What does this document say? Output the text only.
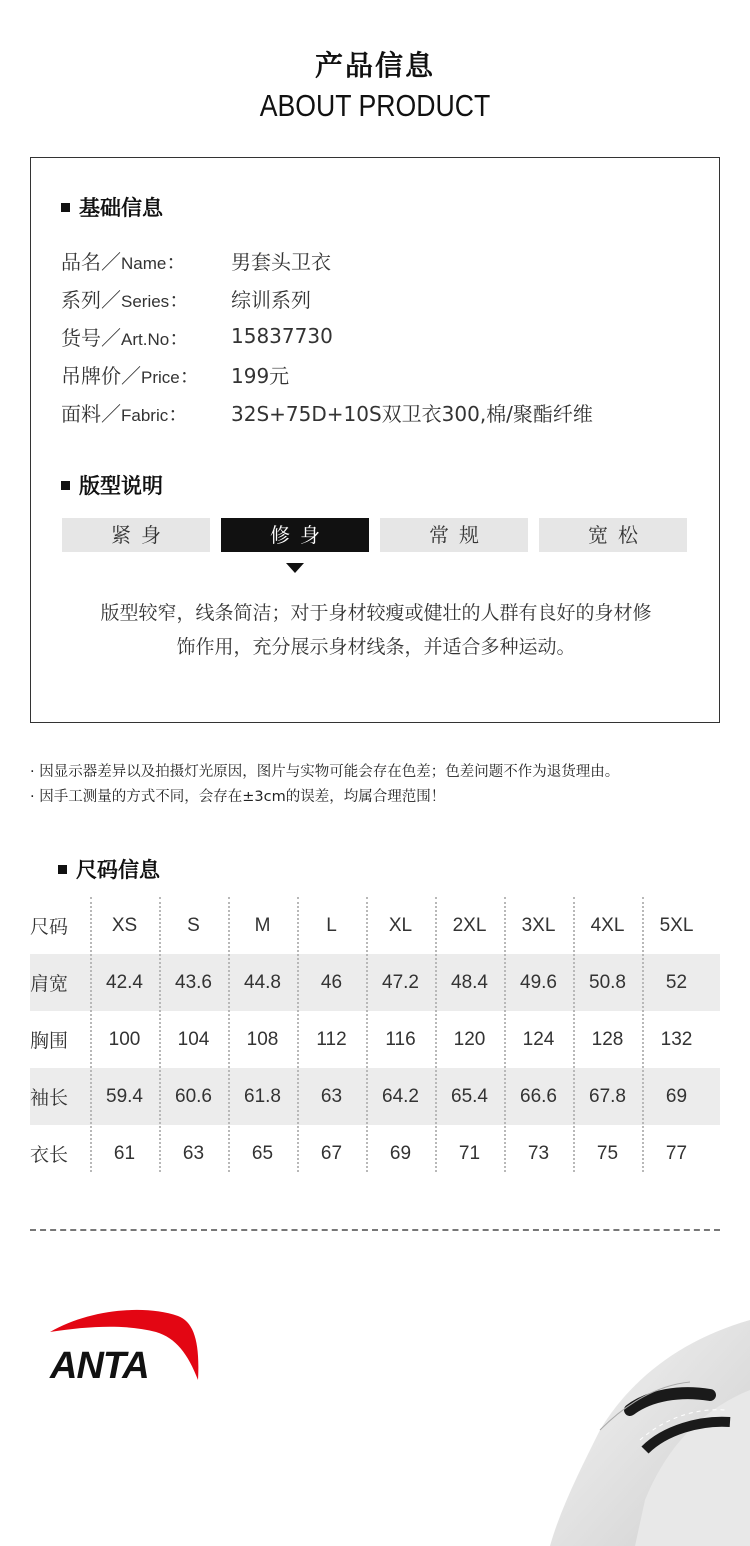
产品信息
ABOUT PRODUCT
基础信息
品名／Name：	男套头卫衣
系列／Series：	综训系列
货号／Art.No：	15837730
吊牌价／Price：	199元
面料／Fabric：	32S+75D+10S双卫衣300,棉/聚酯纤维
版型说明
紧身	修身	常规	宽松
版型较窄，线条简洁；对于身材较瘦或健壮的人群有良好的身材修
饰作用，充分展示身材线条，并适合多种运动。

· 因显示器差异以及拍摄灯光原因，图片与实物可能会存在色差；色差问题不作为退货理由。

· 因手工测量的方式不同，会存在±3cm的误差，均属合理范围！

尺码信息
尺码	XS	S	M	L	XL	2XL	3XL	4XL	5XL
肩宽	42.4	43.6	44.8	46	47.2	48.4	49.6	50.8	52
胸围	100	104	108	112	116	120	124	128	132
袖长	59.4	60.6	61.8	63	64.2	65.4	66.6	67.8	69
衣长	61	63	65	67	69	71	73	75	77
ANTA
